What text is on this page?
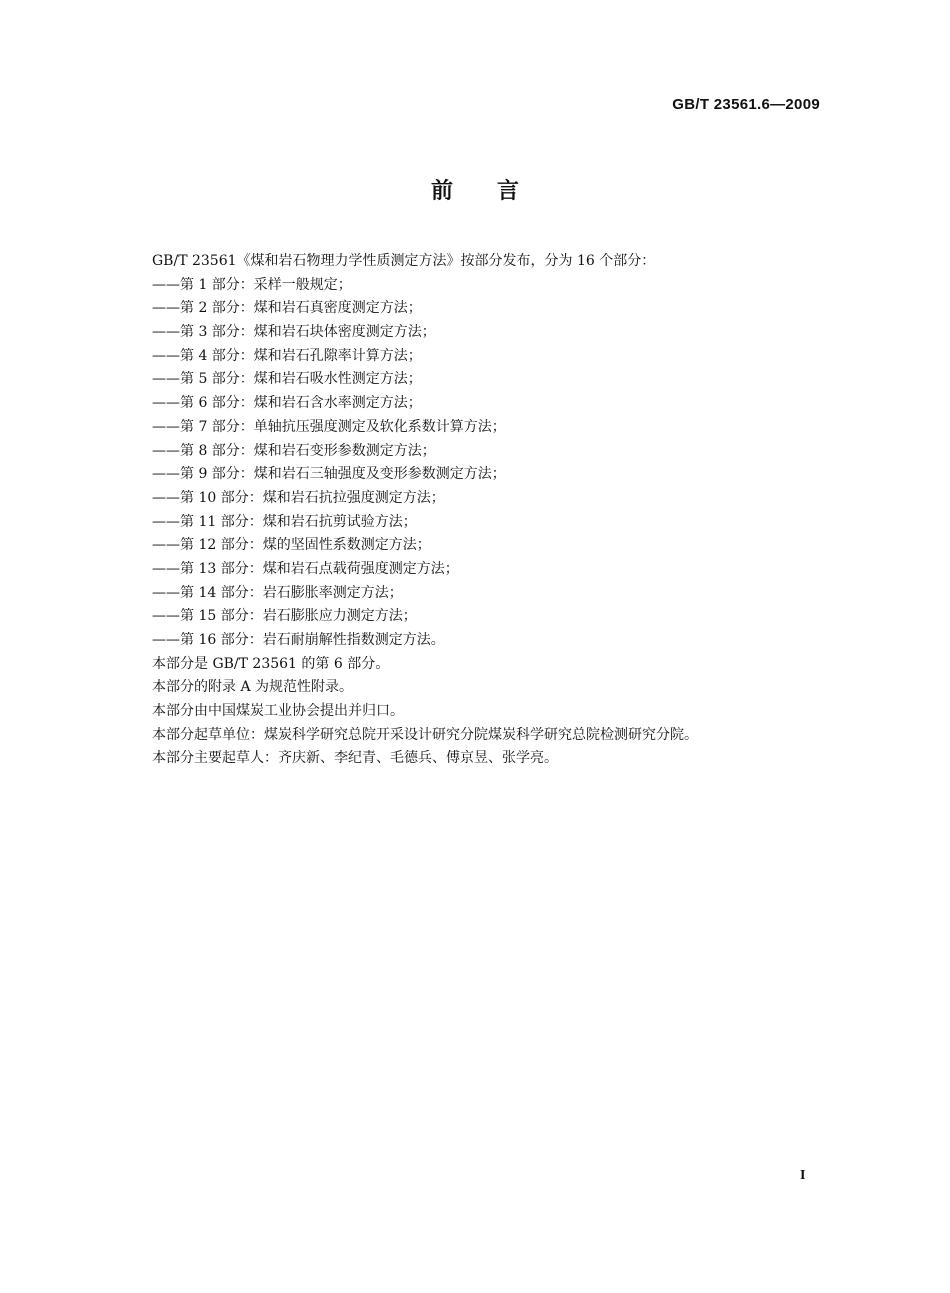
GB/T 23561.6—2009
前言
GB/T 23561《煤和岩石物理力学性质测定方法》按部分发布，分为 16 个部分：
——第 1 部分：采样一般规定；
——第 2 部分：煤和岩石真密度测定方法；
——第 3 部分：煤和岩石块体密度测定方法；
——第 4 部分：煤和岩石孔隙率计算方法；
——第 5 部分：煤和岩石吸水性测定方法；
——第 6 部分：煤和岩石含水率测定方法；
——第 7 部分：单轴抗压强度测定及软化系数计算方法；
——第 8 部分：煤和岩石变形参数测定方法；
——第 9 部分：煤和岩石三轴强度及变形参数测定方法；
——第 10 部分：煤和岩石抗拉强度测定方法；
——第 11 部分：煤和岩石抗剪试验方法；
——第 12 部分：煤的坚固性系数测定方法；
——第 13 部分：煤和岩石点载荷强度测定方法；
——第 14 部分：岩石膨胀率测定方法；
——第 15 部分：岩石膨胀应力测定方法；
——第 16 部分：岩石耐崩解性指数测定方法。
本部分是 GB/T 23561 的第 6 部分。
本部分的附录 A 为规范性附录。
本部分由中国煤炭工业协会提出并归口。
本部分起草单位：煤炭科学研究总院开采设计研究分院煤炭科学研究总院检测研究分院。
本部分主要起草人：齐庆新、李纪青、毛德兵、傅京昱、张学亮。
I
